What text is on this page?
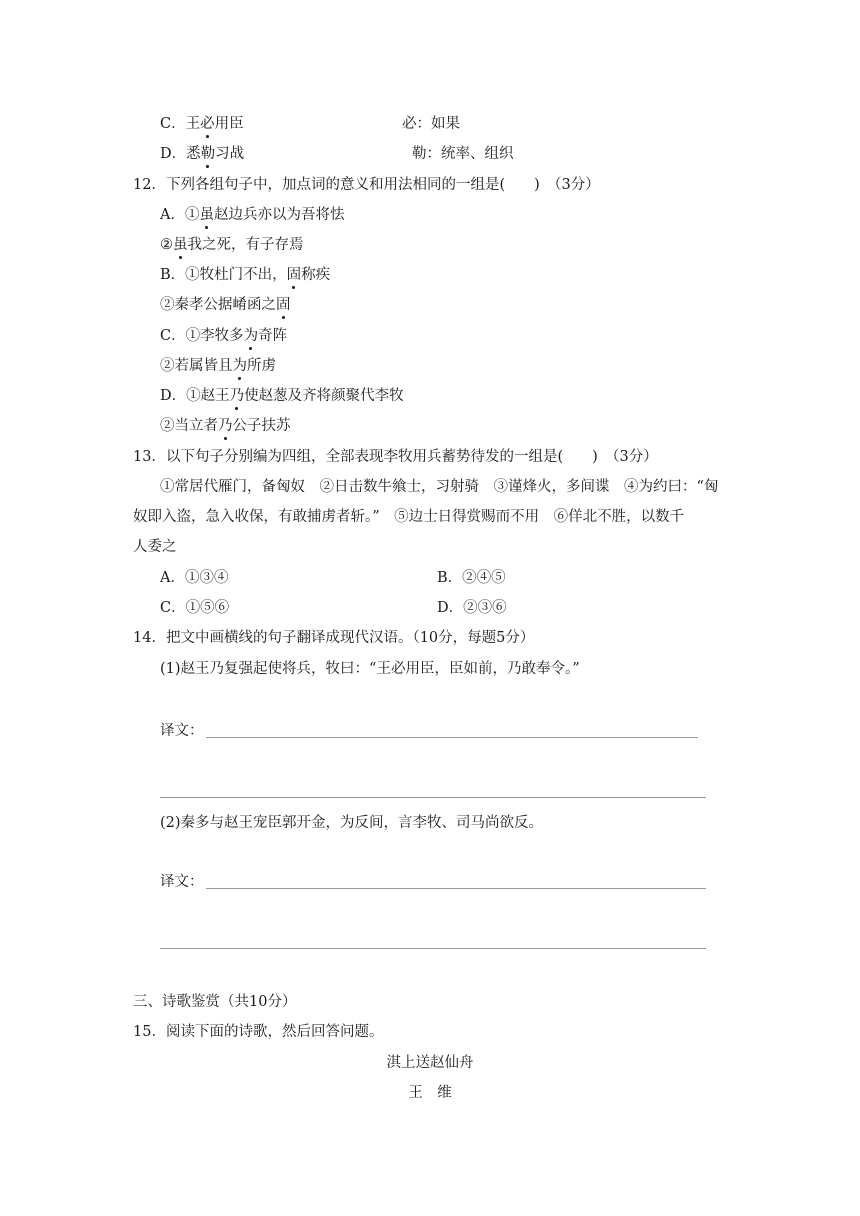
C．王必用臣	必：如果
D．悉勒习战	勒：统率、组织
12．下列各组句子中，加点词的意义和用法相同的一组是(　　)　（3分）
A．①虽赵边兵亦以为吾将怯
②虽我之死，有子存焉
B．①牧杜门不出，固称疾
②秦孝公据崤函之固
C．①李牧多为奇阵
②若属皆且为所虏
D．①赵王乃使赵葱及齐将颜聚代李牧
②当立者乃公子扶苏
13．以下句子分别编为四组，全部表现李牧用兵蓄势待发的一组是(　　)　（3分）
①常居代雁门，备匈奴　②日击数牛飨士，习射骑　③谨烽火，多间谍　④为约曰：“匈
奴即入盗，急入收保，有敢捕虏者斩。”　⑤边士日得赏赐而不用　⑥佯北不胜，以数千
人委之
A．①③④	B．②④⑤
C．①⑤⑥	D．②③⑥
14．把文中画横线的句子翻译成现代汉语。（10分，每题5分）
(1)赵王乃复强起使将兵，牧曰：“王必用臣，臣如前，乃敢奉令。”
译文：
(2)秦多与赵王宠臣郭开金，为反间，言李牧、司马尚欲反。
译文：
三、诗歌鉴赏（共10分）
15．阅读下面的诗歌，然后回答问题。
淇上送赵仙舟
王　维
